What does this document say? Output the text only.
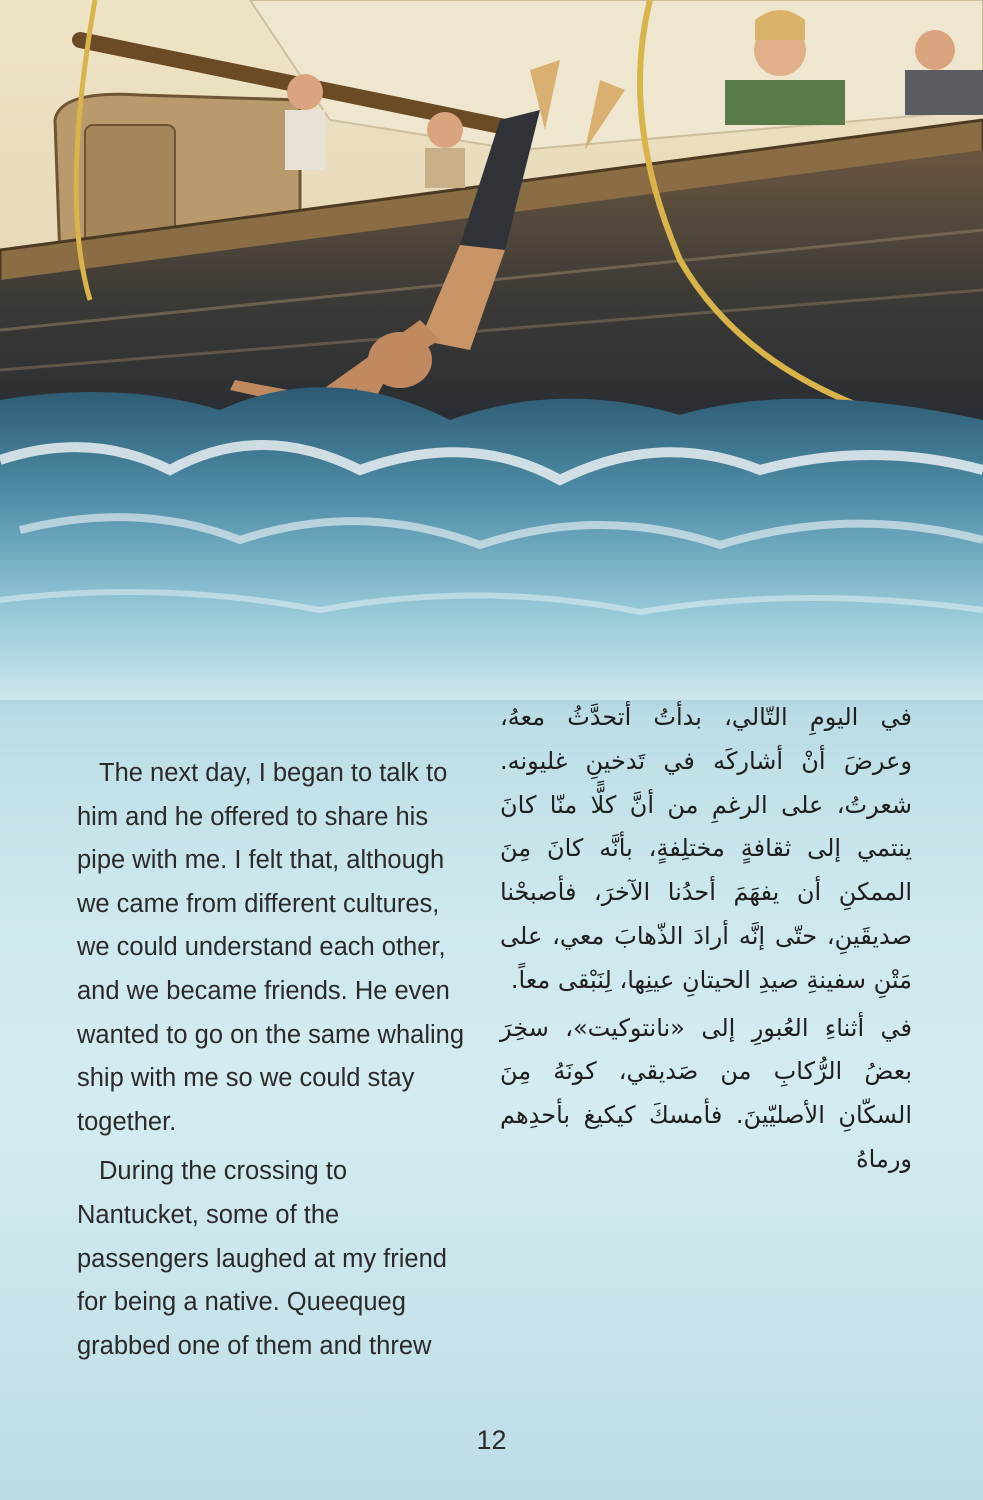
The next day, I began to talk to him and he offered to share his pipe with me. I felt that, although we came from different cultures, we could understand each other, and we became friends. He even wanted to go on the same whaling ship with me so we could stay together.

During the crossing to Nantucket, some of the passengers laughed at my friend for being a native. Queequeg grabbed one of them and threw

في اليومِ التّالي، بدأتُ أتحدَّثُ معهُ، وعرضَ أنْ أشاركَه في تَدخينِ غليونه. شعرتُ، على الرغمِ من أنَّ كلًّا منّا كانَ ينتمي إلى ثقافةٍ مختلِفةٍ، بأنَّه كانَ مِنَ الممكنِ أن يفهَمَ أحدُنا الآخرَ، فأصبحْنا صديقَينِ، حتّى إنَّه أرادَ الذّهابَ معي، على مَتْنِ سفينةِ صيدِ الحيتانِ عينِها، لِنَبْقى معاً.

في أثناءِ العُبورِ إلى «نانتوكيت»، سخِرَ بعضُ الرُّكابِ من صَديقي، كونَهُ مِنَ السكّانِ الأصليّينَ. فأمسكَ كيكيغ بأحدِهم ورماهُ

12
